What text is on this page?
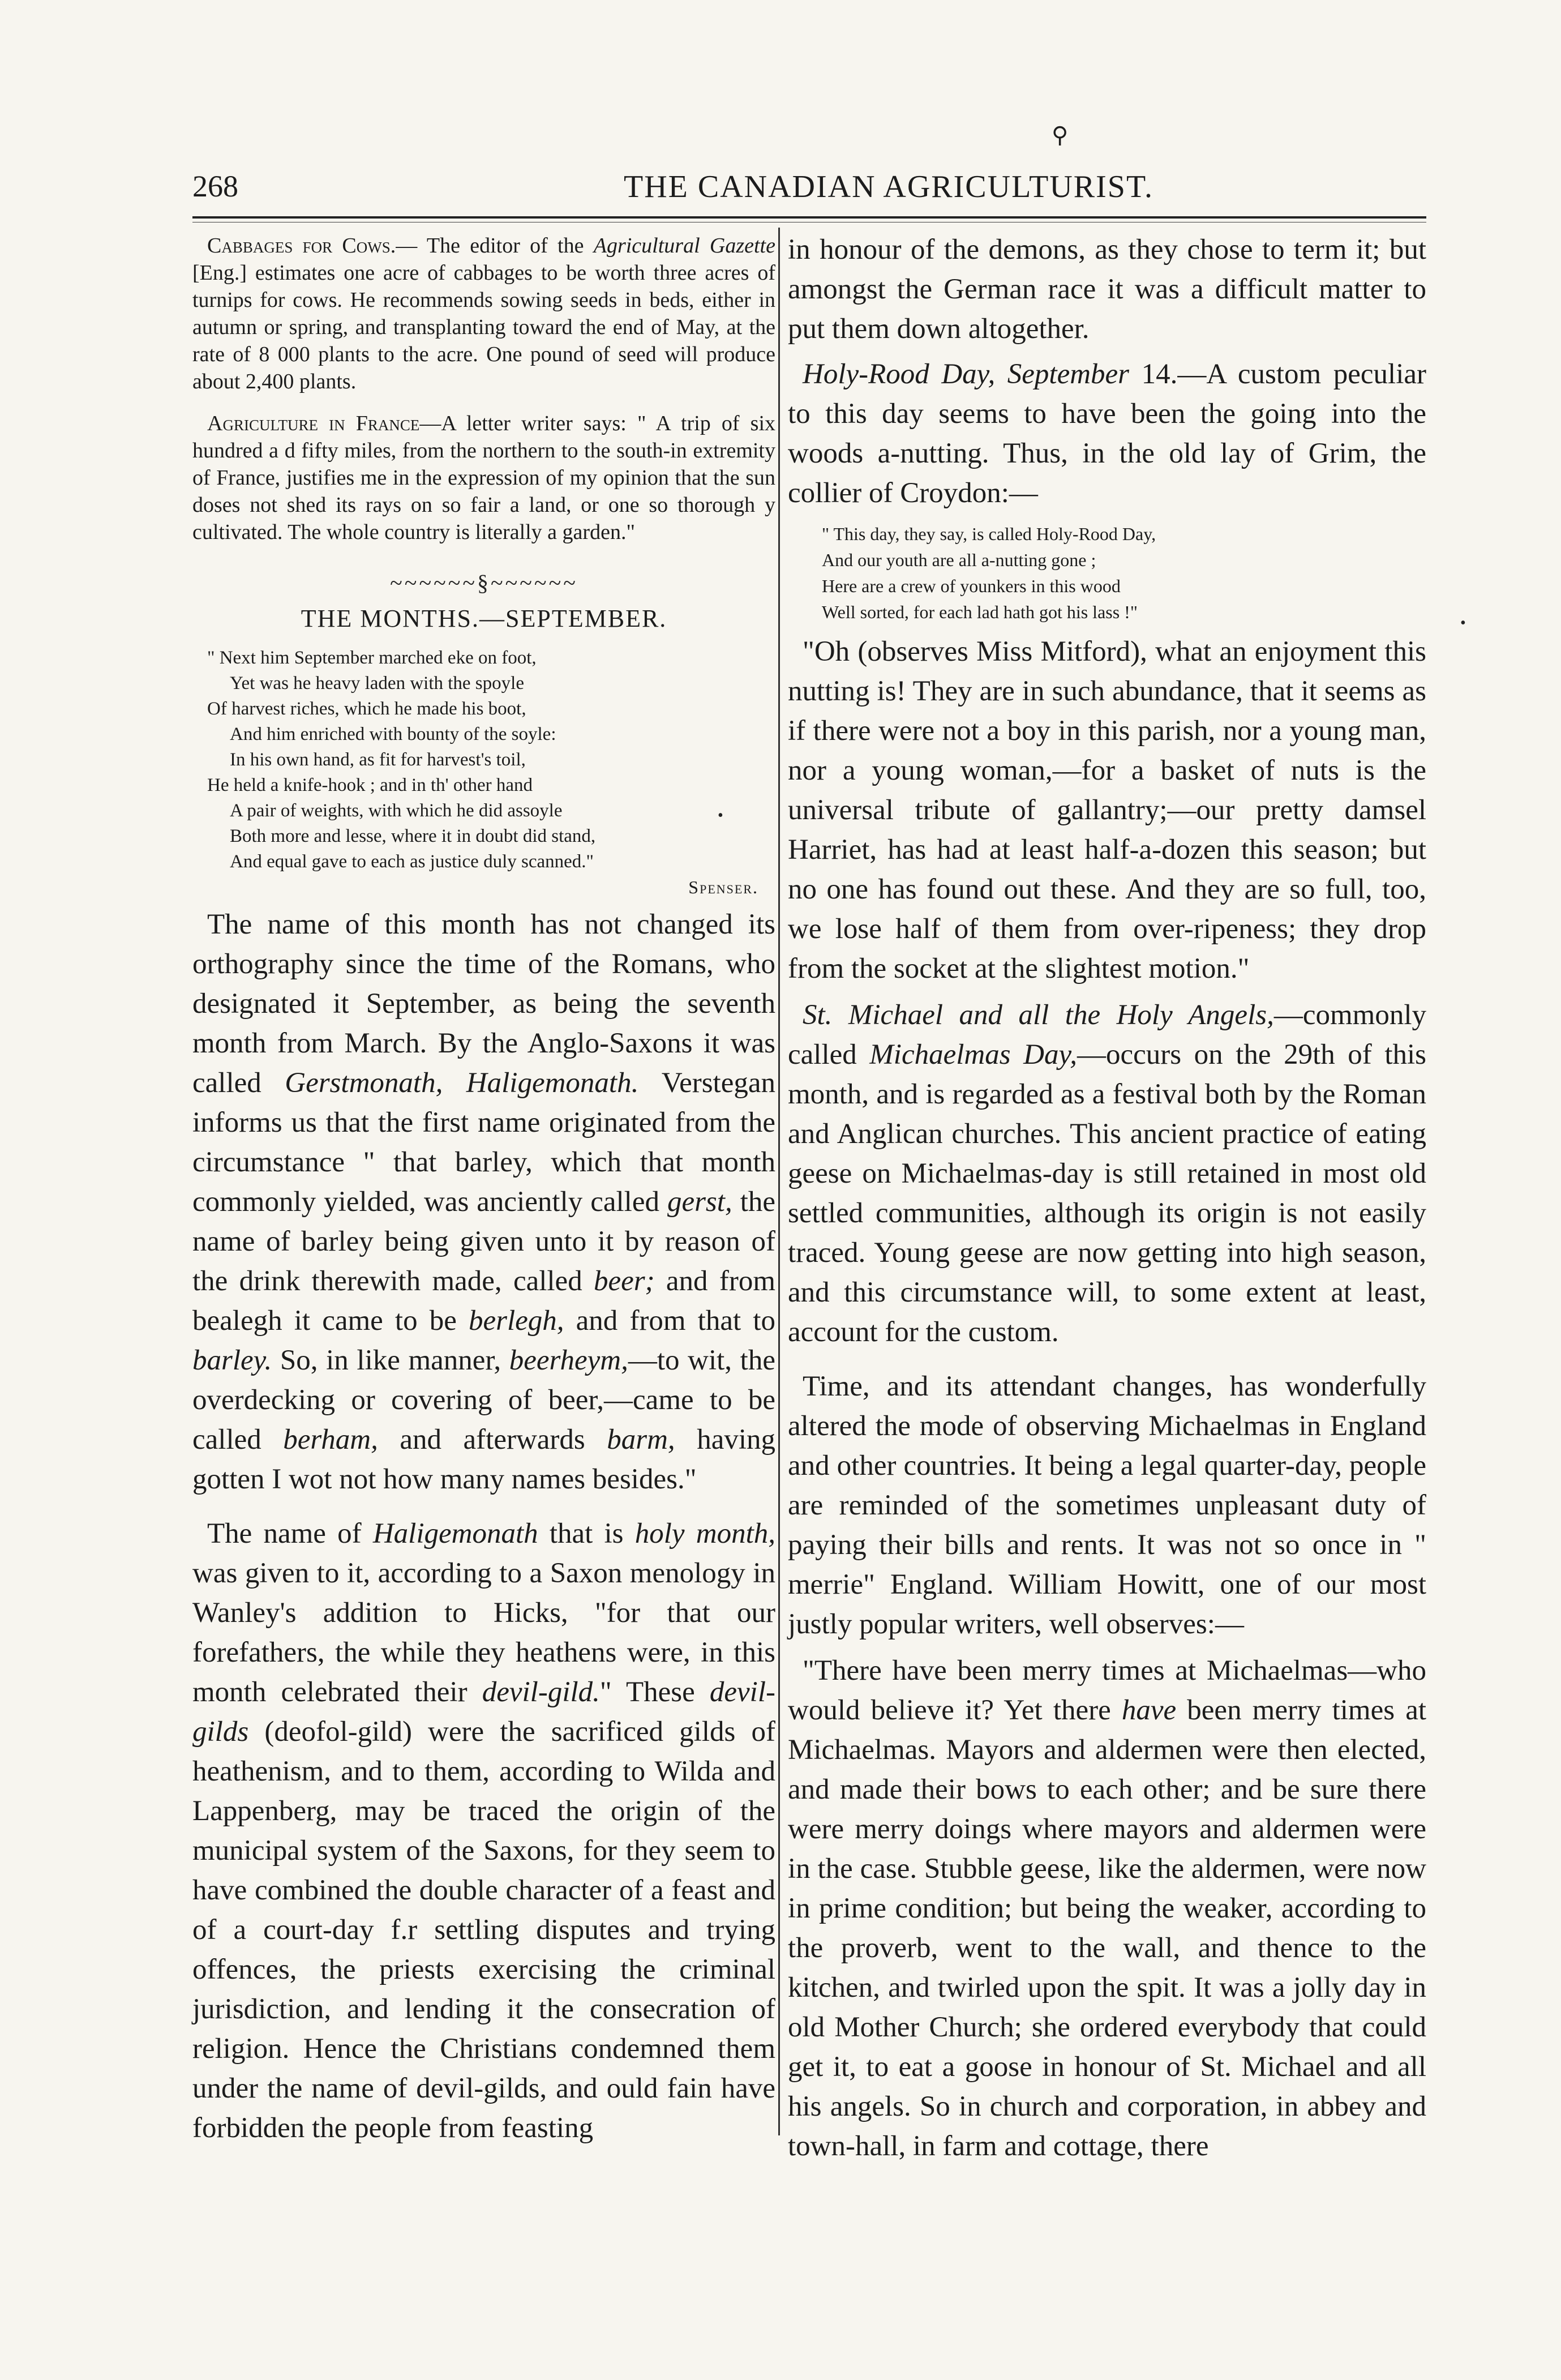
⚲
268	THE CANADIAN AGRICULTURIST.

Cabbages for Cows.— The editor of the Agricultural Gazette [Eng.] estimates one acre of cabbages to be worth three acres of turnips for cows. He recommends sowing seeds in beds, either in autumn or spring, and transplanting toward the end of May, at the rate of 8 000 plants to the acre. One pound of seed will produce about 2,400 plants.

Agriculture in France—A letter writer says: " A trip of six hundred a d fifty miles, from the northern to the south-in extremity of France, justifies me in the expression of my opinion that the sun doses not shed its rays on so fair a land, or one so thorough y cultivated. The whole country is literally a garden."

~~~~~~§~~~~~~
THE MONTHS.—SEPTEMBER.
" Next him September marched eke on foot,
Yet was he heavy laden with the spoyle
Of harvest riches, which he made his boot,
And him enriched with bounty of the soyle:
In his own hand, as fit for harvest's toil,
He held a knife-hook ; and in th' other hand
A pair of weights, with which he did assoyle
Both more and lesse, where it in doubt did stand,
And equal gave to each as justice duly scanned."
Spenser.

The name of this month has not changed its orthography since the time of the Romans, who designated it September, as being the seventh month from March. By the Anglo-Saxons it was called Gerstmonath, Haligemonath. Verstegan informs us that the first name originated from the circumstance " that barley, which that month commonly yielded, was anciently called gerst, the name of barley being given unto it by reason of the drink therewith made, called beer; and from bealegh it came to be berlegh, and from that to barley. So, in like manner, beerheym,—to wit, the overdecking or covering of beer,—came to be called berham, and afterwards barm, having gotten I wot not how many names besides."

The name of Haligemonath that is holy month, was given to it, according to a Saxon menology in Wanley's addition to Hicks, "for that our forefathers, the while they heathens were, in this month celebrated their devil-gild." These devil-gilds (deofol-gild) were the sacrificed gilds of heathenism, and to them, according to Wilda and Lappenberg, may be traced the origin of the municipal system of the Saxons, for they seem to have combined the double character of a feast and of a court-day f.r settling disputes and trying offences, the priests exercising the criminal jurisdiction, and lending it the consecration of religion. Hence the Christians condemned them under the name of devil-gilds, and ould fain have forbidden the people from feasting

in honour of the demons, as they chose to term it; but amongst the German race it was a difficult matter to put them down altogether.

Holy-Rood Day, September 14.—A custom peculiar to this day seems to have been the going into the woods a-nutting. Thus, in the old lay of Grim, the collier of Croydon:—

" This day, they say, is called Holy-Rood Day,
And our youth are all a-nutting gone ;
Here are a crew of younkers in this wood
Well sorted, for each lad hath got his lass !"

"Oh (observes Miss Mitford), what an enjoyment this nutting is! They are in such abundance, that it seems as if there were not a boy in this parish, nor a young man, nor a young woman,—for a basket of nuts is the universal tribute of gallantry;—our pretty damsel Harriet, has had at least half-a-dozen this season; but no one has found out these. And they are so full, too, we lose half of them from over-ripeness; they drop from the socket at the slightest motion."

St. Michael and all the Holy Angels,—commonly called Michaelmas Day,—occurs on the 29th of this month, and is regarded as a festival both by the Roman and Anglican churches. This ancient practice of eating geese on Michaelmas-day is still retained in most old settled communities, although its origin is not easily traced. Young geese are now getting into high season, and this circumstance will, to some extent at least, account for the custom.

Time, and its attendant changes, has wonderfully altered the mode of observing Michaelmas in England and other countries. It being a legal quarter-day, people are reminded of the sometimes unpleasant duty of paying their bills and rents. It was not so once in " merrie" England. William Howitt, one of our most justly popular writers, well observes:—

"There have been merry times at Michaelmas—who would believe it? Yet there have been merry times at Michaelmas. Mayors and aldermen were then elected, and made their bows to each other; and be sure there were merry doings where mayors and aldermen were in the case. Stubble geese, like the aldermen, were now in prime condition; but being the weaker, according to the proverb, went to the wall, and thence to the kitchen, and twirled upon the spit. It was a jolly day in old Mother Church; she ordered everybody that could get it, to eat a goose in honour of St. Michael and all his angels. So in church and corporation, in abbey and town-hall, in farm and cottage, there

•
•
